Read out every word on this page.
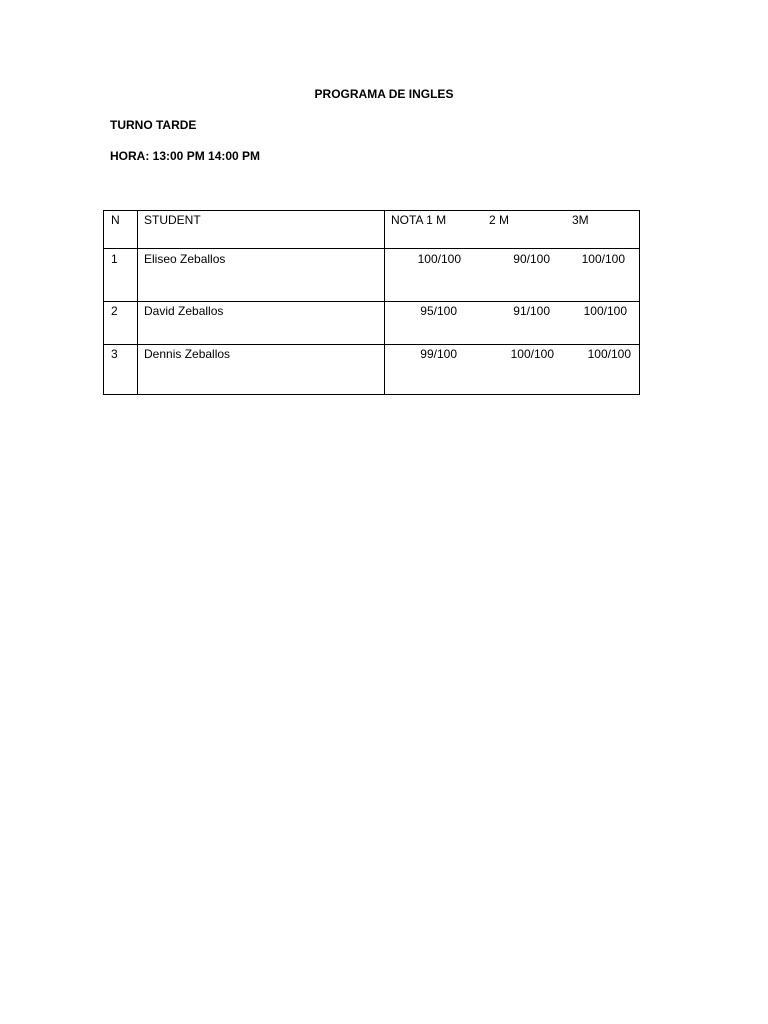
PROGRAMA DE INGLES
TURNO TARDE
HORA: 13:00 PM 14:00 PM
N STUDENT	NOTA 1 M	2 M	3M
1 Eliseo Zeballos	100/100	90/100	100/100
2 David Zeballos	95/100	91/100	100/100
3 Dennis Zeballos	99/100	100/100	100/100
